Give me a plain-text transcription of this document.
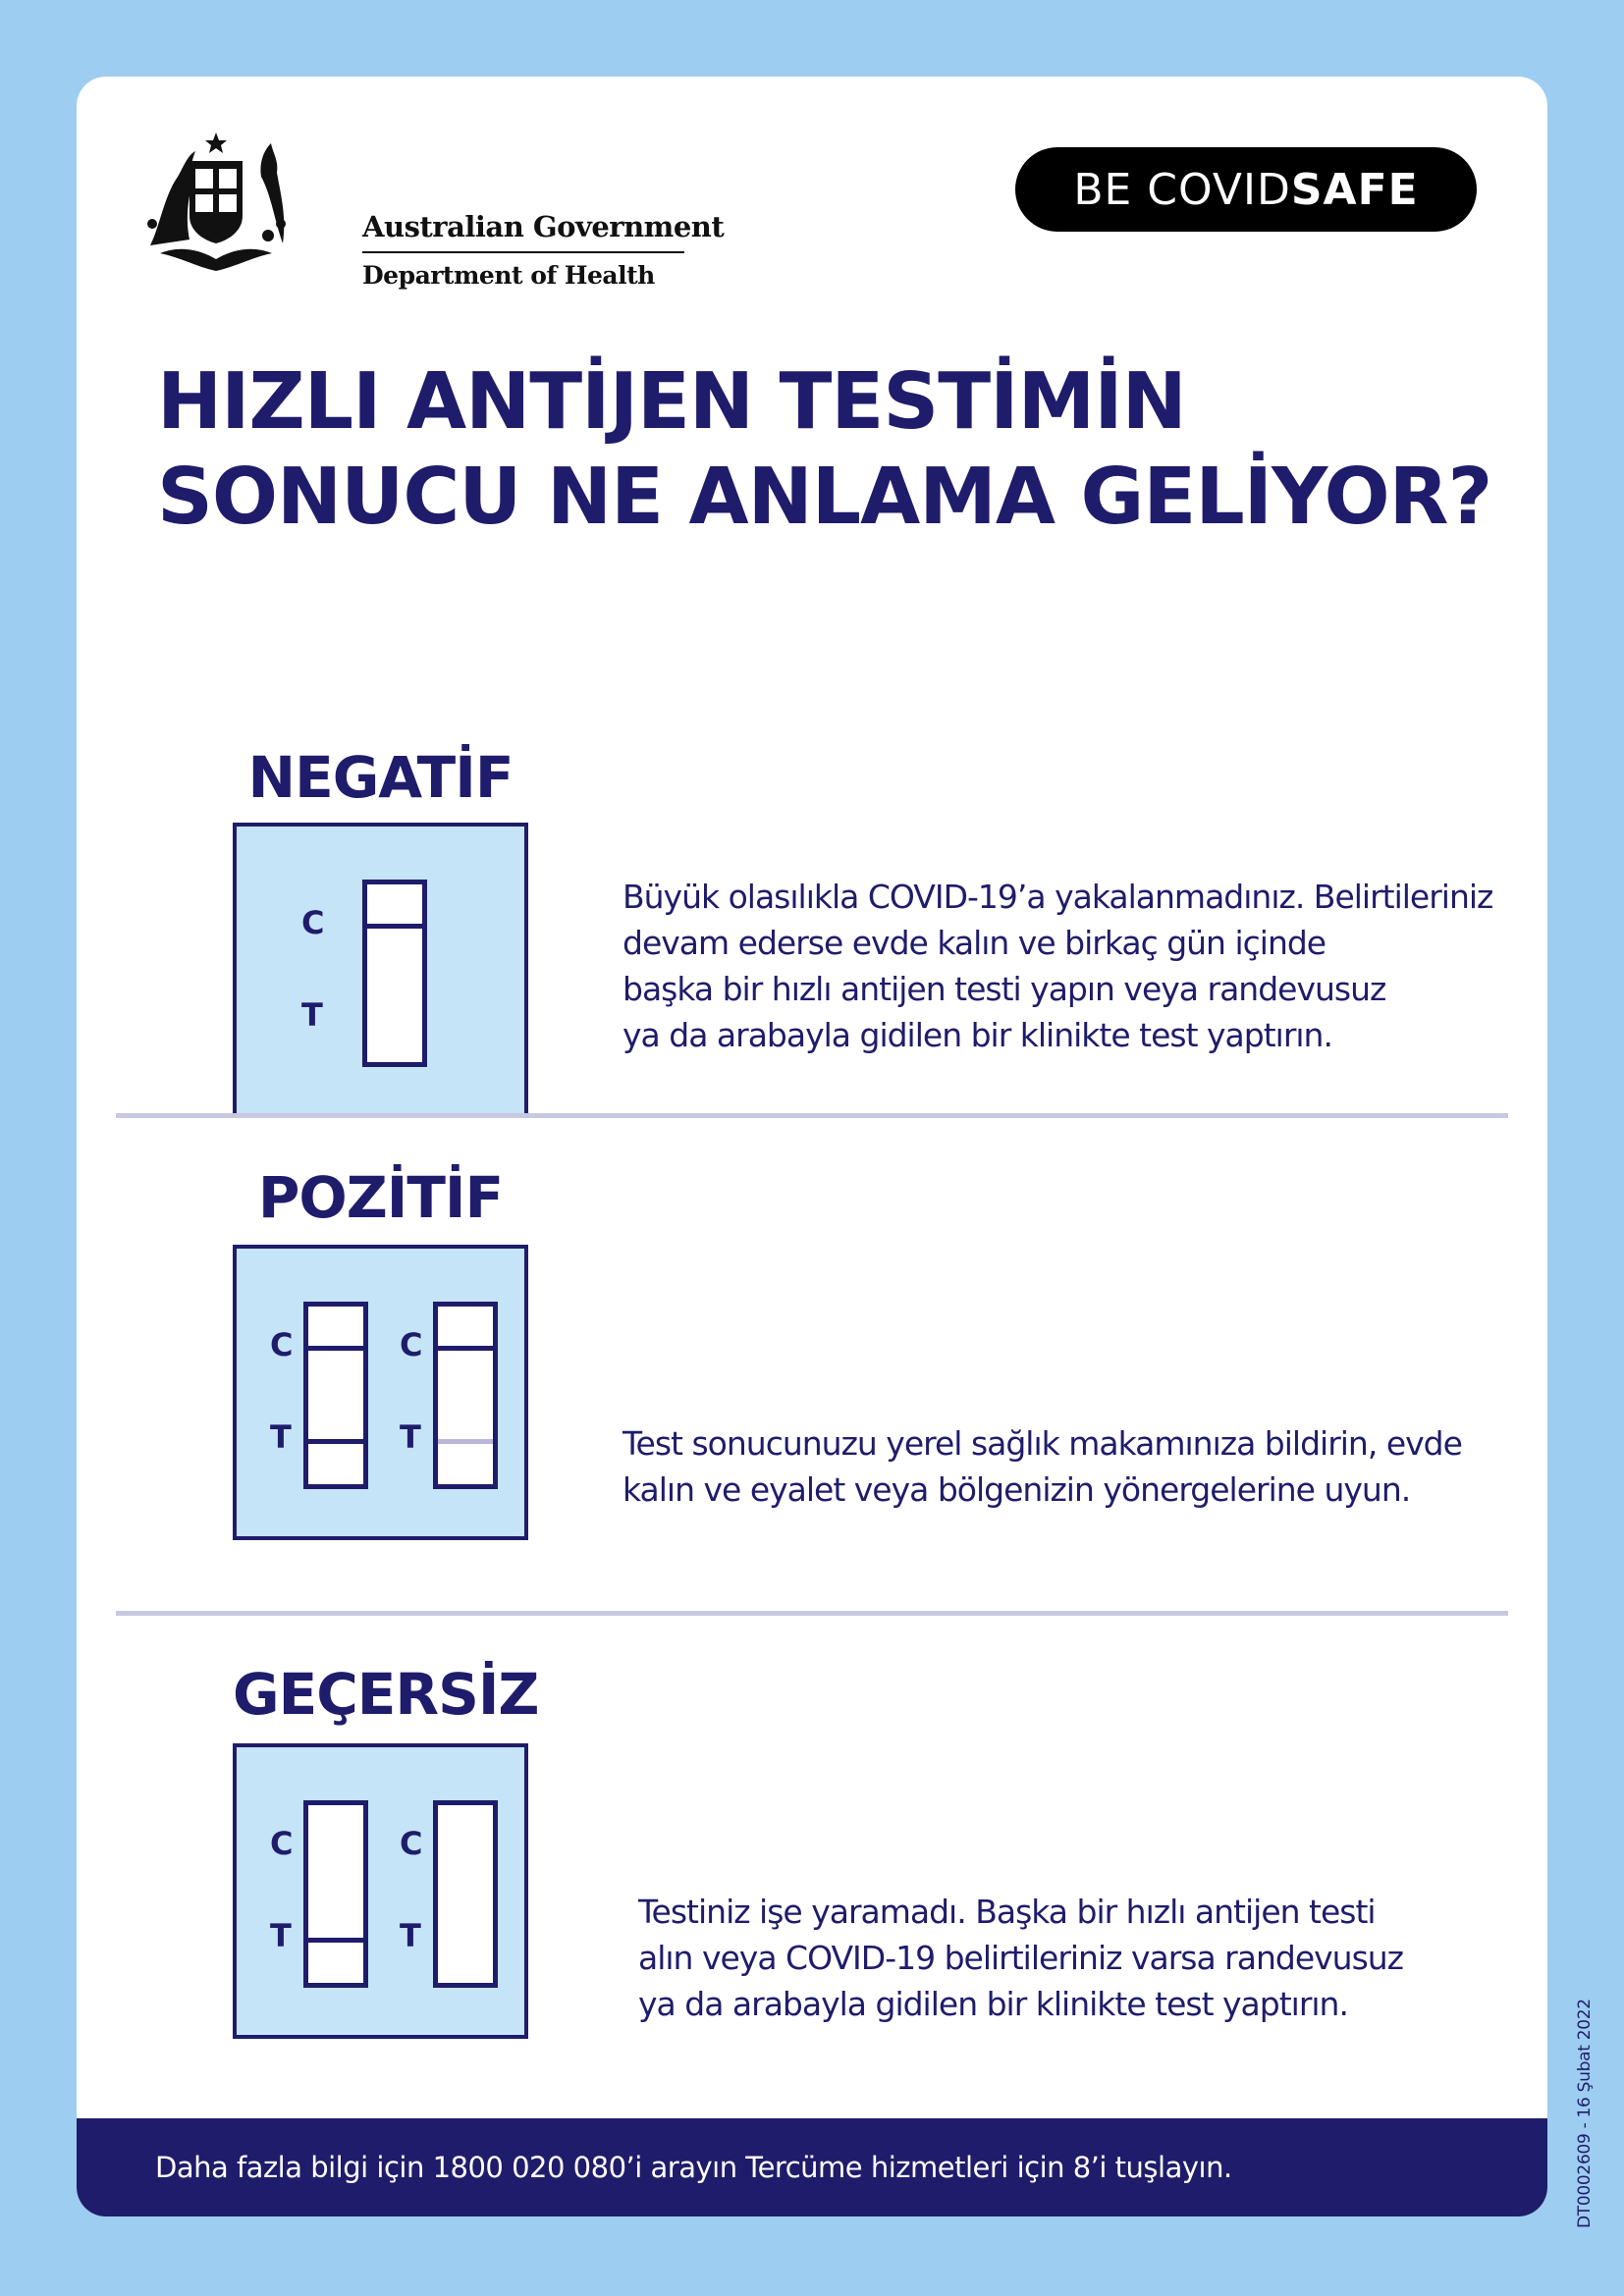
Australian Government
Department of Health
BE COVID SAFE
HIZLI ANTİJEN TESTİMİN
SONUCU NE ANLAMA GELİYOR?
NEGATİF
C
T
Büyük olasılıkla COVID-19’a yakalanmadınız. Belirtileriniz
devam ederse evde kalın ve birkaç gün içinde
başka bir hızlı antijen testi yapın veya randevusuz
ya da arabayla gidilen bir klinikte test yaptırın.
POZİTİF
C
T
C
T	Test sonucunuzu yerel sağlık makamınıza bildirin, evde
kalın ve eyalet veya bölgenizin yönergelerine uyun.
GEÇERSİZ
C
T
C
T
Testiniz işe yaramadı. Başka bir hızlı antijen testi
alın veya COVID-19 belirtileriniz varsa randevusuz
ya da arabayla gidilen bir klinikte test yaptırın.
Daha fazla bilgi için 1800 020 080’i arayın Tercüme hizmetleri için 8’i tuşlayın.	DT0002609 - 16 Şubat 2022
